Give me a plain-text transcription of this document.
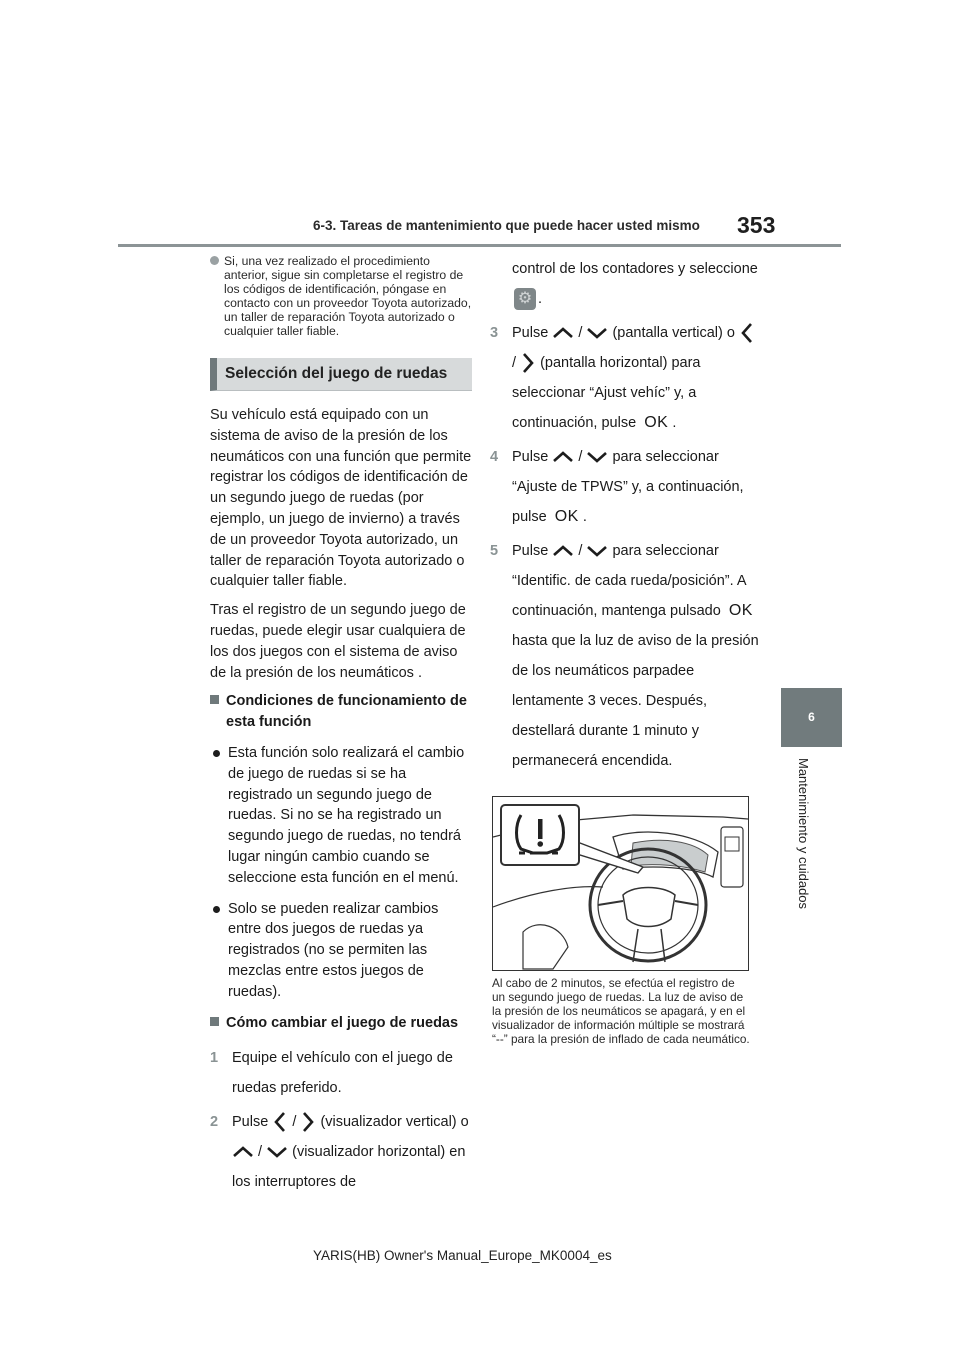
6-3. Tareas de mantenimiento que puede hacer usted mismo 353
6
Mantenimiento y cuidados

Si, una vez realizado el procedimiento anterior, sigue sin completarse el registro de los códigos de identificación, póngase en contacto con un proveedor Toyota autorizado, un taller de reparación Toyota autorizado o cualquier taller fiable.

Selección del juego de ruedas

Su vehículo está equipado con un sistema de aviso de la presión de los neumáticos con una función que permite registrar los códigos de identificación de un segundo juego de ruedas (por ejemplo, un juego de invierno) a través de un proveedor Toyota autorizado, un taller de reparación Toyota autorizado o cualquier taller fiable.

Tras el registro de un segundo juego de ruedas, puede elegir usar cualquiera de los dos juegos con el sistema de aviso de la presión de los neumáticos .

Condiciones de funcionamiento de esta función

Esta función solo realizará el cambio de juego de ruedas si se ha registrado un segundo juego de ruedas. Si no se ha registrado un segundo juego de ruedas, no tendrá lugar ningún cambio cuando se seleccione esta función en el menú.

Solo se pueden realizar cambios entre dos juegos de ruedas ya registrados (no se permiten las mezclas entre estos juegos de ruedas).

Cómo cambiar el juego de ruedas

1 Equipe el vehículo con el juego de ruedas preferido.

2 Pulse / (visualizador vertical) o  / (visualizador horizontal) en los interruptores de

control de los contadores y seleccione ⚙ .

3 Pulse / (pantalla vertical) o  / (pantalla horizontal) para seleccionar “Ajust vehíc” y, a continuación, pulse OK .

4 Pulse / para seleccionar “Ajuste de TPWS” y, a continuación, pulse OK .

5 Pulse / para seleccionar “Identific. de cada rueda/posición”. A continuación, mantenga pulsado OK hasta que la luz de aviso de la presión de los neumáticos parpadee lentamente 3 veces. Después, destellará durante 1 minuto y permanecerá encendida.

Al cabo de 2 minutos, se efectúa el registro de un segundo juego de ruedas. La luz de aviso de la presión de los neumáticos se apagará, y en el visualizador de información múltiple se mostrará “--” para la presión de inflado de cada neumático.
YARIS(HB) Owner's Manual_Europe_MK0004_es
